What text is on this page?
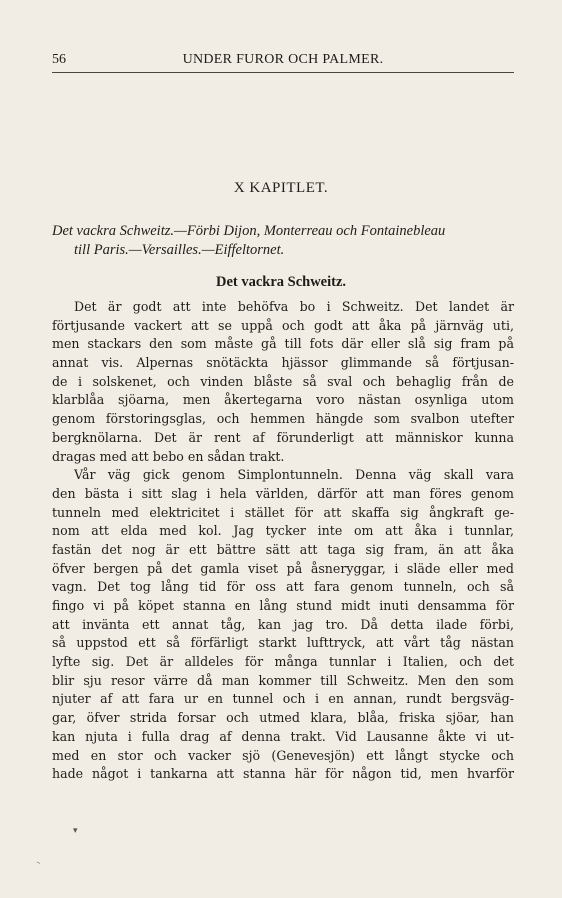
56	UNDER FUROR OCH PALMER.
X KAPITLET.
Det vackra Schweitz.—Förbi Dijon, Monterreau och Fontainebleau
till Paris.—Versailles.—Eiffeltornet.
Det vackra Schweitz.
Det är godt att inte behöfva bo i Schweitz. Det landet är
förtjusande vackert att se uppå och godt att åka på järnväg uti,
men stackars den som måste gå till fots där eller slå sig fram på
annat vis. Alpernas snötäckta hjässor glimmande så förtjusan-
de i solskenet, och vinden blåste så sval och behaglig från de
klarblåa sjöarna, men åkertegarna voro nästan osynliga utom
genom förstoringsglas, och hemmen hängde som svalbon utefter
bergknölarna. Det är rent af förunderligt att människor kunna
dragas med att bebo en sådan trakt.
Vår väg gick genom Simplontunneln. Denna väg skall vara
den bästa i sitt slag i hela världen, därför att man föres genom
tunneln med elektricitet i stället för att skaffa sig ångkraft ge-
nom att elda med kol. Jag tycker inte om att åka i tunnlar,
fastän det nog är ett bättre sätt att taga sig fram, än att åka
öfver bergen på det gamla viset på åsneryggar, i släde eller med
vagn. Det tog lång tid för oss att fara genom tunneln, och så
fingo vi på köpet stanna en lång stund midt inuti densamma för
att invänta ett annat tåg, kan jag tro. Då detta ilade förbi,
så uppstod ett så förfärligt starkt lufttryck, att vårt tåg nästan
lyfte sig. Det är alldeles för många tunnlar i Italien, och det
blir sju resor värre då man kommer till Schweitz. Men den som
njuter af att fara ur en tunnel och i en annan, rundt bergsväg-
gar, öfver strida forsar och utmed klara, blåa, friska sjöar, han
kan njuta i fulla drag af denna trakt. Vid Lausanne åkte vi ut-
med en stor och vacker sjö (Genevesjön) ett långt stycke och
hade något i tankarna att stanna här för någon tid, men hvarför
▾
–
